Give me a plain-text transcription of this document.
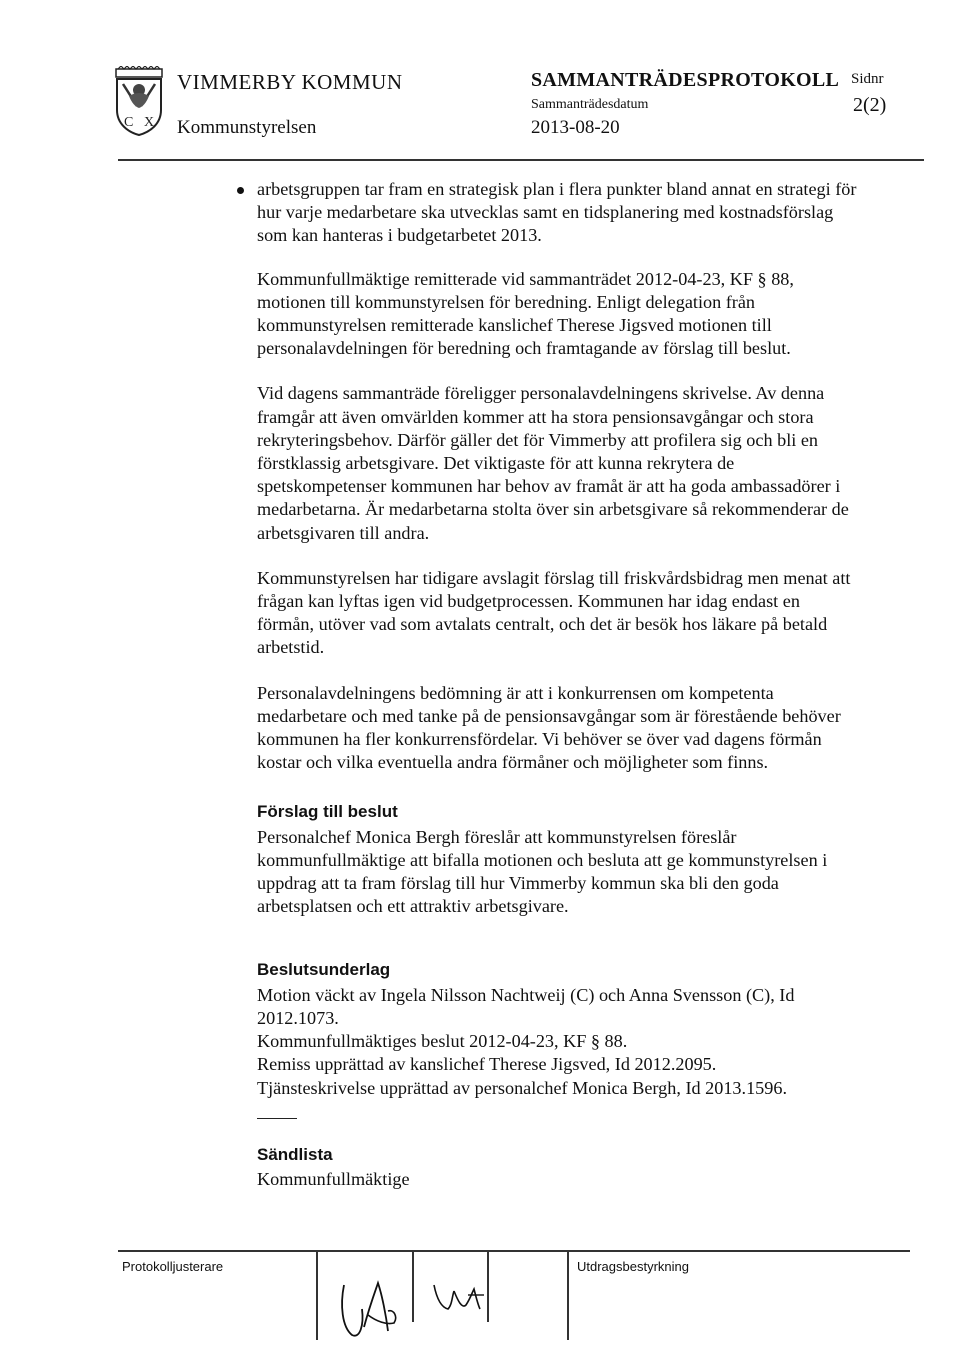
C X
VIMMERBY KOMMUN
Kommunstyrelsen
SAMMANTRÄDESPROTOKOLL
Sammanträdesdatum
2013-08-20
Sidnr
2(2)
arbetsgruppen tar fram en strategisk plan i flera punkter bland annat en strategi för hur varje medarbetare ska utvecklas samt en tidsplanering med kostnadsförslag som kan hanteras i budgetarbetet 2013.

Kommunfullmäktige remitterade vid sammanträdet 2012-04-23, KF § 88, motionen till kommunstyrelsen för beredning. Enligt delegation från kommunstyrelsen remitterade kanslichef Therese Jigsved motionen till personalavdelningen för beredning och framtagande av förslag till beslut.

Vid dagens sammanträde föreligger personalavdelningens skrivelse. Av denna framgår att även omvärlden kommer att ha stora pensionsavgångar och stora rekryteringsbehov. Därför gäller det för Vimmerby att profilera sig och bli en förstklassig arbetsgivare. Det viktigaste för att kunna rekrytera de spetskompetenser kommunen har behov av framåt är att ha goda ambassadörer i medarbetarna. Är medarbetarna stolta över sin arbetsgivare så rekommenderar de arbetsgivaren till andra.

Kommunstyrelsen har tidigare avslagit förslag till friskvårdsbidrag men menat att frågan kan lyftas igen vid budgetprocessen. Kommunen har idag endast en förmån, utöver vad som avtalats centralt, och det är besök hos läkare på betald arbetstid.

Personalavdelningens bedömning är att i konkurrensen om kompetenta medarbetare och med tanke på de pensionsavgångar som är förestående behöver kommunen ha fler konkurrensfördelar. Vi behöver se över vad dagens förmån kostar och vilka eventuella andra förmåner och möjligheter som finns.

Förslag till beslut

Personalchef Monica Bergh föreslår att kommunstyrelsen föreslår kommunfullmäktige att bifalla motionen och besluta att ge kommunstyrelsen i uppdrag att ta fram förslag till hur Vimmerby kommun ska bli den goda arbetsplatsen och ett attraktiv arbetsgivare.

Beslutsunderlag

Motion väckt av Ingela Nilsson Nachtweij (C) och Anna Svensson (C), Id 2012.1073.

Kommunfullmäktiges beslut 2012-04-23, KF § 88.

Remiss upprättad av kanslichef Therese Jigsved, Id 2012.2095.

Tjänsteskrivelse upprättad av personalchef Monica Bergh, Id 2013.1596.

Sändlista

Kommunfullmäktige

Protokolljusterare	Utdragsbestyrkning
